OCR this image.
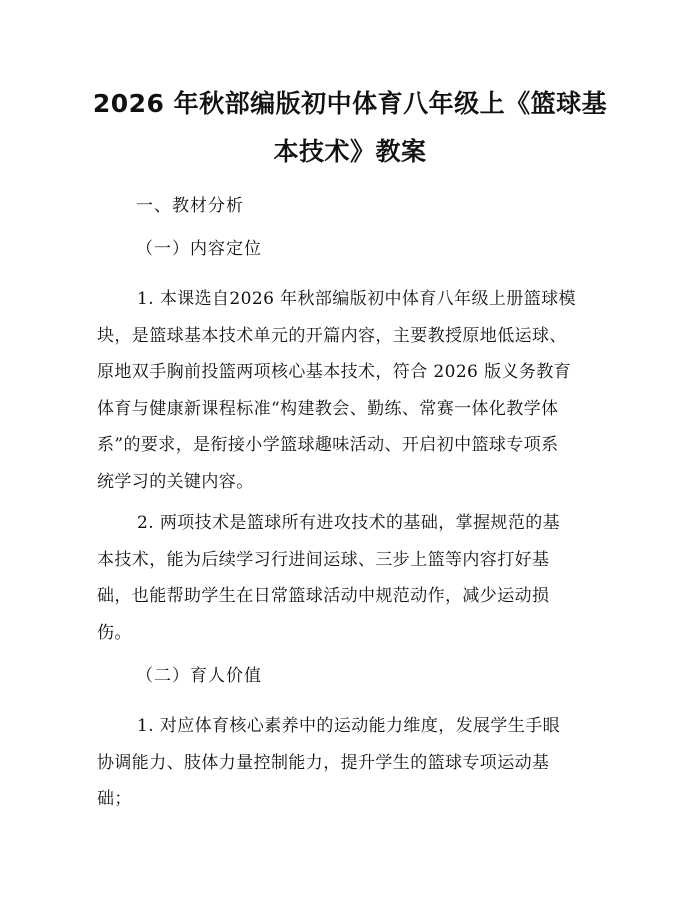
2026 年秋部编版初中体育八年级上《篮球基
本技术》教案
一、教材分析
（一）内容定位
1. 本课选自2026 年秋部编版初中体育八年级上册篮球模
块，是篮球基本技术单元的开篇内容，主要教授原地低运球、
原地双手胸前投篮两项核心基本技术，符合 2026 版义务教育
体育与健康新课程标准“构建教会、勤练、常赛一体化教学体
系”的要求，是衔接小学篮球趣味活动、开启初中篮球专项系
统学习的关键内容。
2. 两项技术是篮球所有进攻技术的基础，掌握规范的基
本技术，能为后续学习行进间运球、三步上篮等内容打好基
础，也能帮助学生在日常篮球活动中规范动作，减少运动损
伤。
（二）育人价值
1. 对应体育核心素养中的运动能力维度，发展学生手眼
协调能力、肢体力量控制能力，提升学生的篮球专项运动基
础；
